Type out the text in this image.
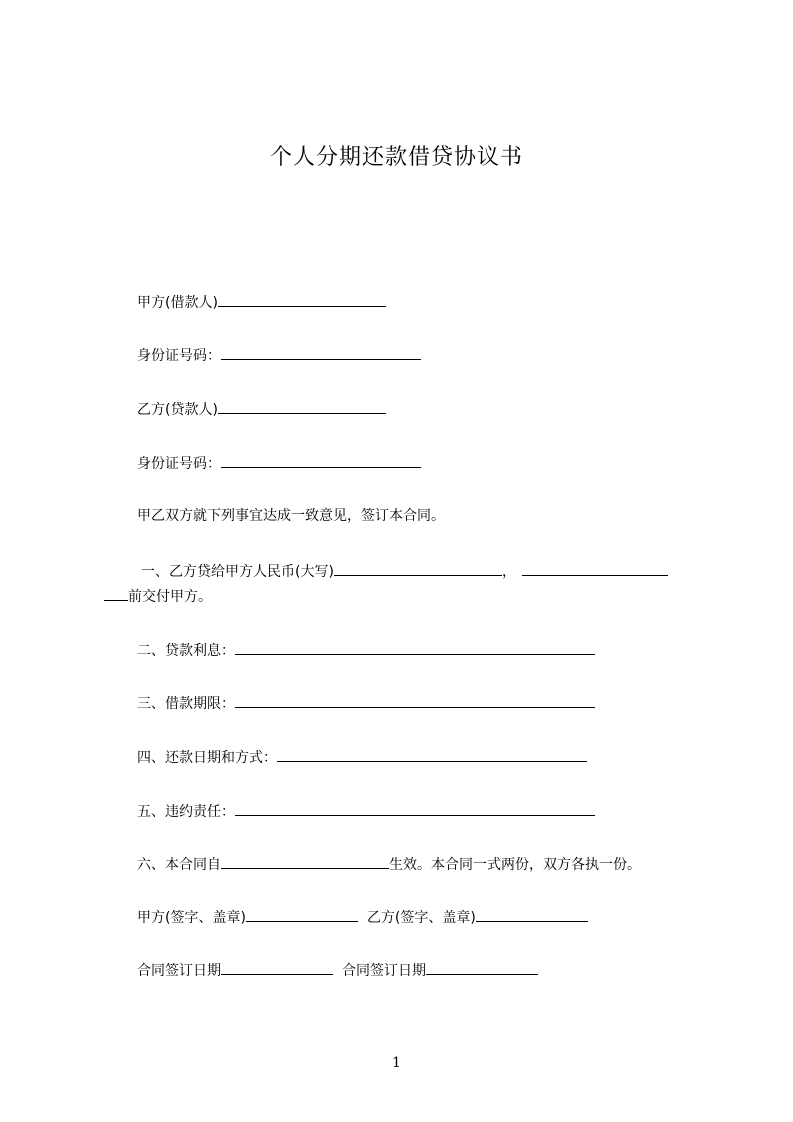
个人分期还款借贷协议书
甲方(借款人)
身份证号码：
乙方(贷款人)
身份证号码：
甲乙双方就下列事宜达成一致意见，签订本合同。
一、乙方贷给甲方人民币(大写)	，
前交付甲方。
二、贷款利息：
三、借款期限：
四、还款日期和方式：
五、违约责任：
六、本合同自	生效。本合同一式两份，双方各执一份。
甲方(签字、盖章)	乙方(签字、盖章)
合同签订日期	合同签订日期
1
